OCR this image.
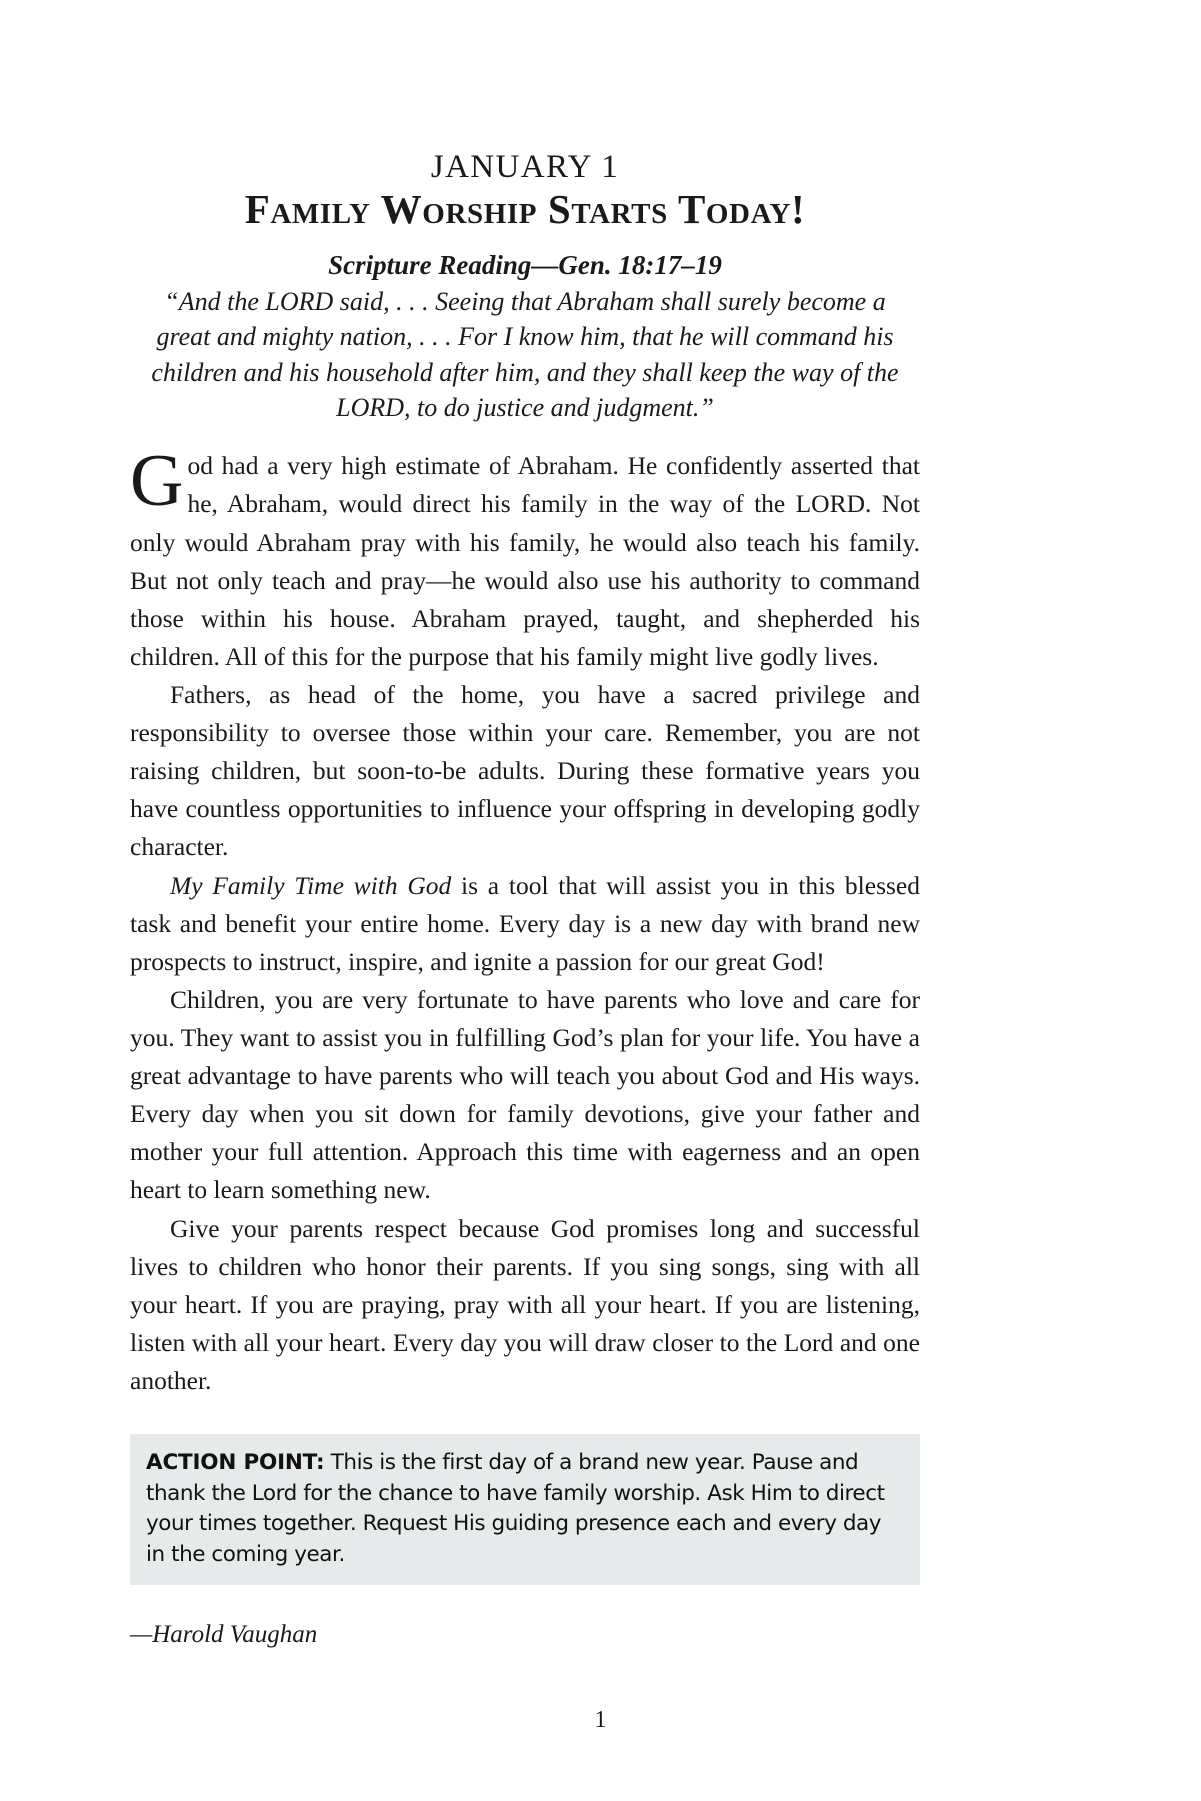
JANUARY 1
Family Worship Starts Today!
Scripture Reading—Gen. 18:17–19
“And the LORD said, . . . Seeing that Abraham shall surely become a
great and mighty nation, . . . For I know him, that he will command his
children and his household after him, and they shall keep the way of the
LORD, to do justice and judgment.”

God had a very high estimate of Abraham. He confidently asserted that he, Abraham, would direct his family in the way of the LORD. Not only would Abraham pray with his family, he would also teach his family. But not only teach and pray—he would also use his authority to command those within his house. Abraham prayed, taught, and shepherded his children. All of this for the purpose that his family might live godly lives.

Fathers, as head of the home, you have a sacred privilege and responsibility to oversee those within your care. Remember, you are not raising children, but soon-to-be adults. During these formative years you have countless opportunities to influence your offspring in developing godly character.

My Family Time with God is a tool that will assist you in this blessed task and benefit your entire home. Every day is a new day with brand new prospects to instruct, inspire, and ignite a passion for our great God!

Children, you are very fortunate to have parents who love and care for you. They want to assist you in fulfilling God’s plan for your life. You have a great advantage to have parents who will teach you about God and His ways. Every day when you sit down for family devotions, give your father and mother your full attention. Approach this time with eagerness and an open heart to learn something new.

Give your parents respect because God promises long and successful lives to children who honor their parents. If you sing songs, sing with all your heart. If you are praying, pray with all your heart. If you are listening, listen with all your heart. Every day you will draw closer to the Lord and one another.

ACTION POINT: This is the first day of a brand new year. Pause and thank the Lord for the chance to have family worship. Ask Him to direct your times together. Request His guiding presence each and every day in the coming year.

—Harold Vaughan
1
